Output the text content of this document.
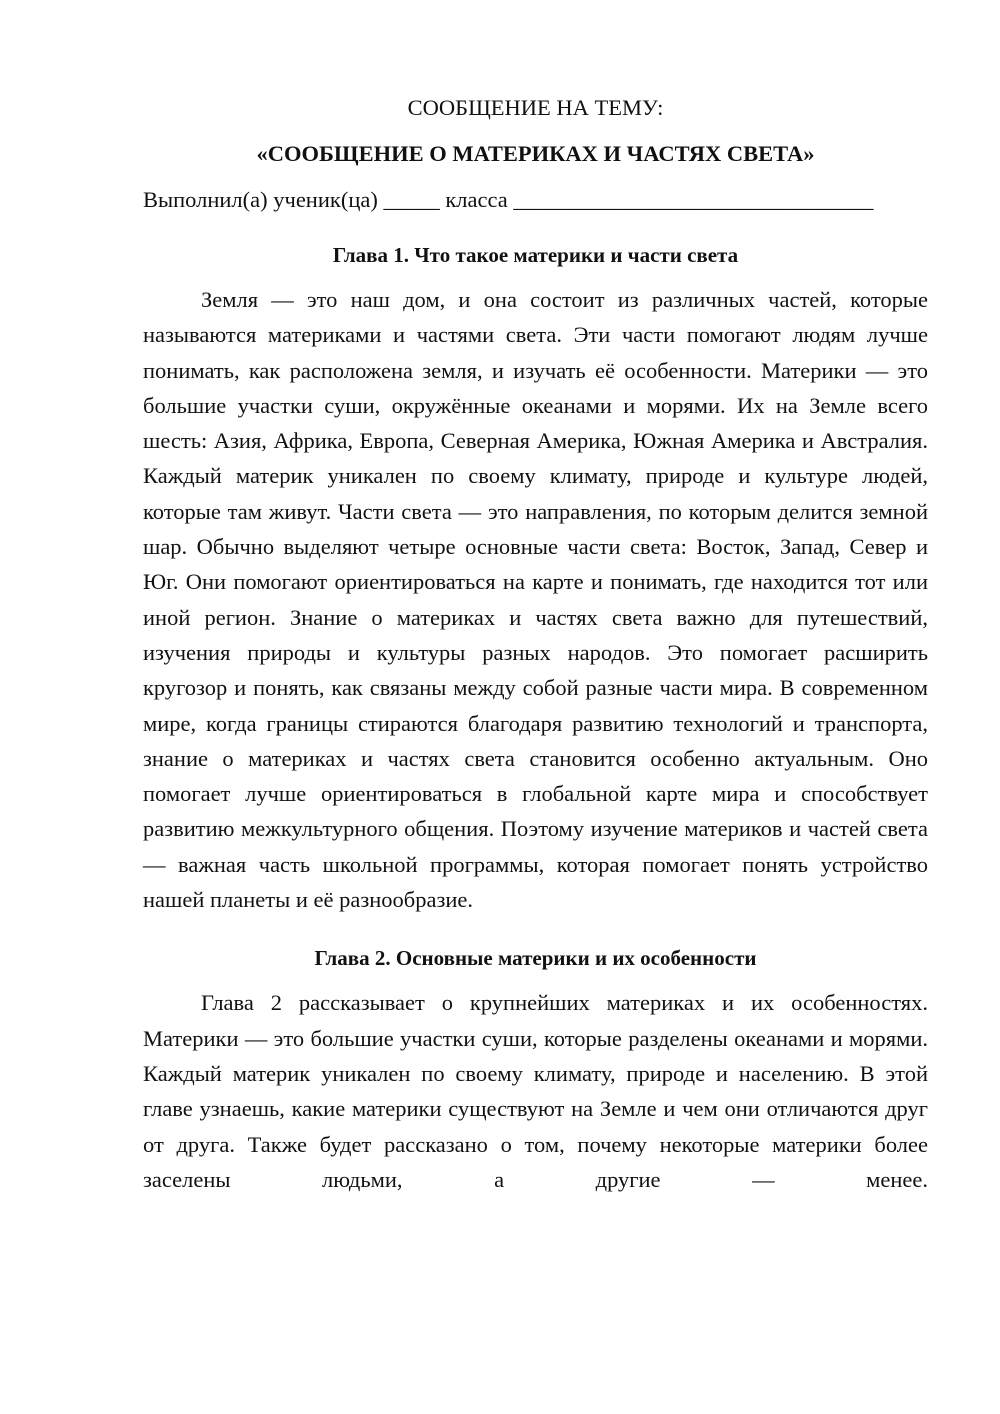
СООБЩЕНИЕ НА ТЕМУ:

«СООБЩЕНИЕ О МАТЕРИКАХ И ЧАСТЯХ СВЕТА»

Выполнил(а) ученик(ца) _____ класса ________________________________

Глава 1. Что такое материки и части света

Земля — это наш дом, и она состоит из различных частей, которые называются материками и частями света. Эти части помогают людям лучше понимать, как расположена земля, и изучать её особенности. Материки — это большие участки суши, окружённые океанами и морями. Их на Земле всего шесть: Азия, Африка, Европа, Северная Америка, Южная Америка и Австралия. Каждый материк уникален по своему климату, природе и культуре людей, которые там живут. Части света — это направления, по которым делится земной шар. Обычно выделяют четыре основные части света: Восток, Запад, Север и Юг. Они помогают ориентироваться на карте и понимать, где находится тот или иной регион. Знание о материках и частях света важно для путешествий, изучения природы и культуры разных народов. Это помогает расширить кругозор и понять, как связаны между собой разные части мира. В современном мире, когда границы стираются благодаря развитию технологий и транспорта, знание о материках и частях света становится особенно актуальным. Оно помогает лучше ориентироваться в глобальной карте мира и способствует развитию межкультурного общения. Поэтому изучение материков и частей света — важная часть школьной программы, которая помогает понять устройство нашей планеты и её разнообразие.

Глава 2. Основные материки и их особенности

Глава 2 рассказывает о крупнейших материках и их особенностях. Материки — это большие участки суши, которые разделены океанами и морями. Каждый материк уникален по своему климату, природе и населению. В этой главе узнаешь, какие материки существуют на Земле и чем они отличаются друг от друга. Также будет рассказано о том, почему некоторые материки более заселены людьми, а другие — менее.
